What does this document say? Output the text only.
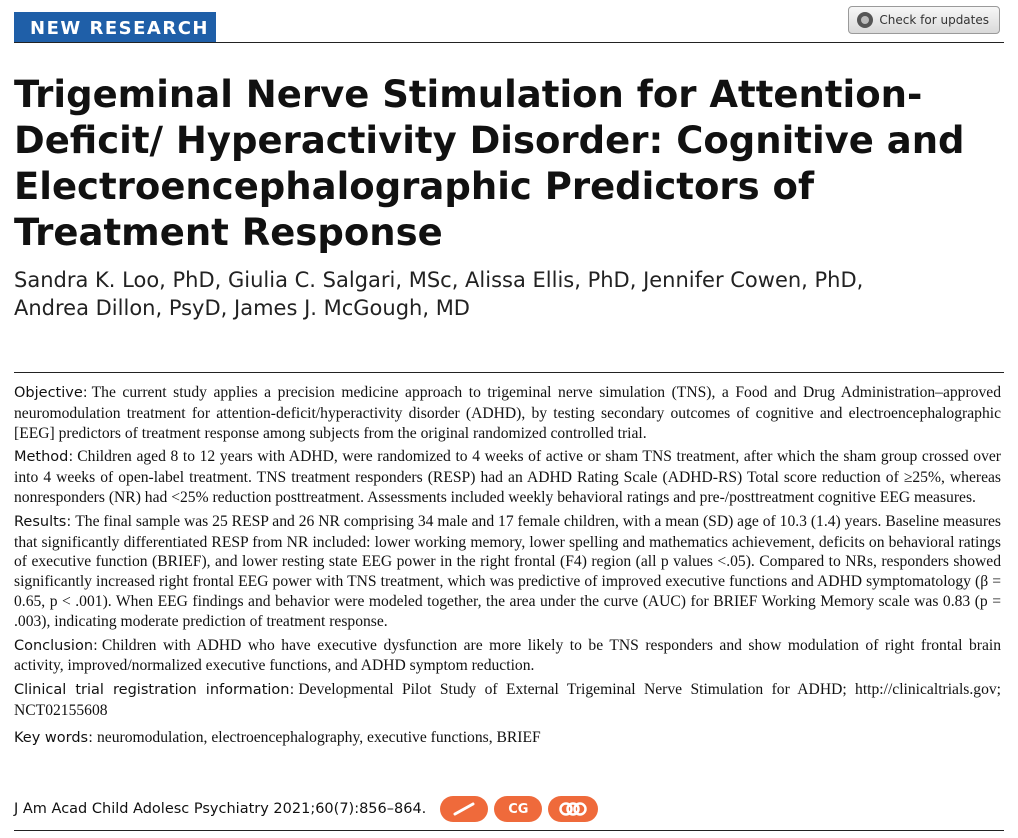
NEW RESEARCH	Check for updates
Trigeminal Nerve Stimulation for Attention-Deficit/ Hyperactivity Disorder: Cognitive and Electroencephalographic Predictors of Treatment Response
Sandra K. Loo, PhD, Giulia C. Salgari, MSc, Alissa Ellis, PhD, Jennifer Cowen, PhD,
Andrea Dillon, PsyD, James J. McGough, MD

Objective: The current study applies a precision medicine approach to trigeminal nerve simulation (TNS), a Food and Drug Administration–approved neuromodulation treatment for attention-deficit/hyperactivity disorder (ADHD), by testing secondary outcomes of cognitive and electroencephalographic [EEG] predictors of treatment response among subjects from the original randomized controlled trial.

Method: Children aged 8 to 12 years with ADHD, were randomized to 4 weeks of active or sham TNS treatment, after which the sham group crossed over into 4 weeks of open-label treatment. TNS treatment responders (RESP) had an ADHD Rating Scale (ADHD-RS) Total score reduction of ≥25%, whereas nonresponders (NR) had <25% reduction posttreatment. Assessments included weekly behavioral ratings and pre-/posttreatment cognitive EEG measures.

Results: The final sample was 25 RESP and 26 NR comprising 34 male and 17 female children, with a mean (SD) age of 10.3 (1.4) years. Baseline measures that significantly differentiated RESP from NR included: lower working memory, lower spelling and mathematics achievement, deficits on behavioral ratings of executive function (BRIEF), and lower resting state EEG power in the right frontal (F4) region (all p values <.05). Compared to NRs, responders showed significantly increased right frontal EEG power with TNS treatment, which was predictive of improved executive functions and ADHD symptomatology (β = 0.65, p < .001). When EEG findings and behavior were modeled together, the area under the curve (AUC) for BRIEF Working Memory scale was 0.83 (p = .003), indicating moderate prediction of treatment response.

Conclusion: Children with ADHD who have executive dysfunction are more likely to be TNS responders and show modulation of right frontal brain activity, improved/normalized executive functions, and ADHD symptom reduction.

Clinical trial registration information: Developmental Pilot Study of External Trigeminal Nerve Stimulation for ADHD; http://clinicaltrials.gov; NCT02155608

Key words: neuromodulation, electroencephalography, executive functions, BRIEF

J Am Acad Child Adolesc Psychiatry 2021;60(7):856–864.	CG
